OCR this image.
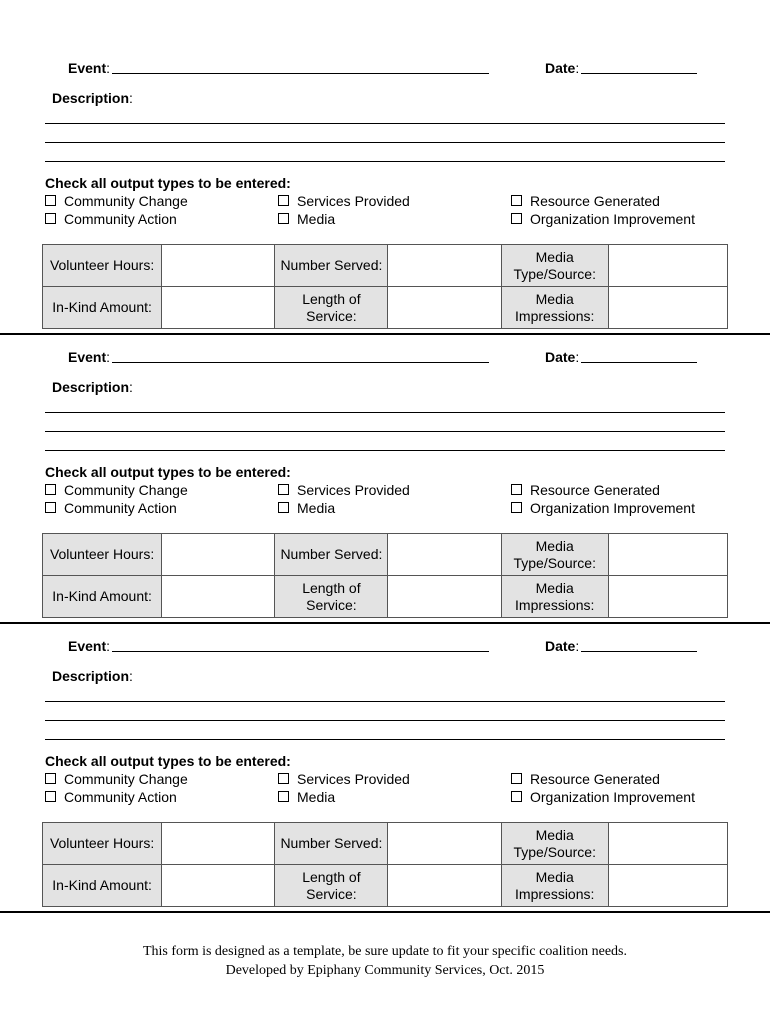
Event:	Date:
Description:
Check all output types to be entered:
Community Change
Community Action
Services Provided
Media
Resource Generated
Organization Improvement
Volunteer Hours:		Number Served:		Media Type/Source:	
In-Kind Amount:		Length of Service:		Media Impressions:	
Event:	Date:
Description:
Check all output types to be entered:
Community Change
Community Action
Services Provided
Media
Resource Generated
Organization Improvement
Volunteer Hours:		Number Served:		Media Type/Source:	
In-Kind Amount:		Length of Service:		Media Impressions:	
Event:	Date:
Description:
Check all output types to be entered:
Community Change
Community Action
Services Provided
Media
Resource Generated
Organization Improvement
Volunteer Hours:		Number Served:		Media Type/Source:	
In-Kind Amount:		Length of Service:		Media Impressions:	
This form is designed as a template, be sure update to fit your specific coalition needs.
Developed by Epiphany Community Services, Oct. 2015
